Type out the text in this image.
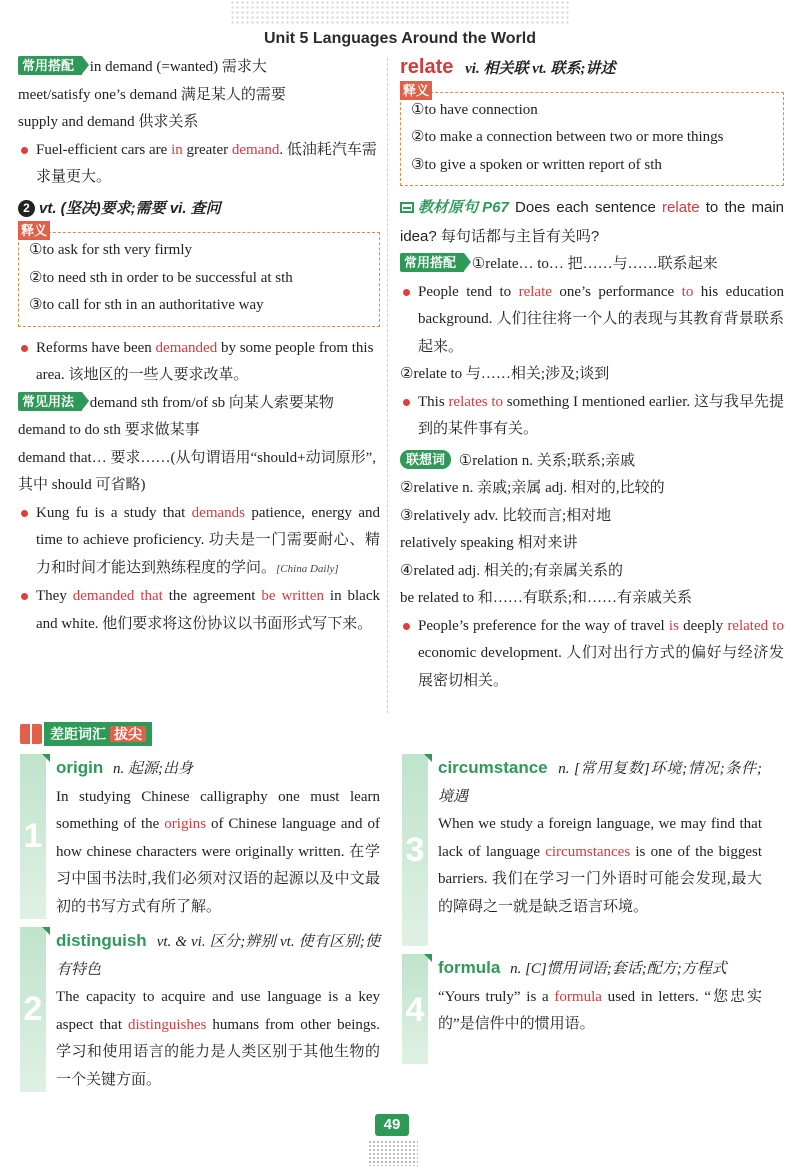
Unit 5 Languages Around the World
常用搭配 in demand (=wanted) 需求大
meet/satisfy one’s demand 满足某人的需要
supply and demand 供求关系
Fuel-efficient cars are in greater demand. 低油耗汽车需求量更大。
2 vt. (坚决)要求;需要 vi. 查问
释义
①to ask for sth very firmly
②to need sth in order to be successful at sth
③to call for sth in an authoritative way
Reforms have been demanded by some people from this area. 该地区的一些人要求改革。
常见用法 demand sth from/of sb 向某人索要某物
demand to do sth 要求做某事
demand that… 要求……(从句谓语用“should+动词原形”,其中 should 可省略)
Kung fu is a study that demands patience, energy and time to achieve proficiency. 功夫是一门需要耐心、精力和时间才能达到熟练程度的学问。[China Daily]
They demanded that the agreement be written in black and white. 他们要求将这份协议以书面形式写下来。
relate vi. 相关联 vt. 联系;讲述
释义
①to have connection
②to make a connection between two or more things
③to give a spoken or written report of sth
教材原句 P67 Does each sentence relate to the main idea? 每句话都与主旨有关吗?
常用搭配 ①relate… to… 把……与……联系起来
People tend to relate one’s performance to his education background. 人们往往将一个人的表现与其教育背景联系起来。
②relate to 与……相关;涉及;谈到
This relates to something I mentioned earlier. 这与我早先提到的某件事有关。
联想词 ①relation n. 关系;联系;亲戚
②relative n. 亲戚;亲属 adj. 相对的,比较的
③relatively adv. 比较而言;相对地
relatively speaking 相对来讲
④related adj. 相关的;有亲属关系的
be related to 和……有联系;和……有亲戚关系
People’s preference for the way of travel is deeply related to economic development. 人们对出行方式的偏好与经济发展密切相关。
差距词汇 拔尖
1
origin n. 起源;出身
In studying Chinese calligraphy one must learn something of the origins of Chinese language and of how chinese characters were originally written. 在学习中国书法时,我们必须对汉语的起源以及中文最初的书写方式有所了解。
2
distinguish vt. & vi. 区分;辨别 vt. 使有区别;使有特色
The capacity to acquire and use language is a key aspect that distinguishes humans from other beings. 学习和使用语言的能力是人类区别于其他生物的一个关键方面。
3
circumstance n. [常用复数]环境;情况;条件;境遇
When we study a foreign language, we may find that lack of language circumstances is one of the biggest barriers. 我们在学习一门外语时可能会发现,最大的障碍之一就是缺乏语言环境。
4
formula n. [C]惯用词语;套话;配方;方程式
“Yours truly” is a formula used in letters. “您忠实的”是信件中的惯用语。
49
